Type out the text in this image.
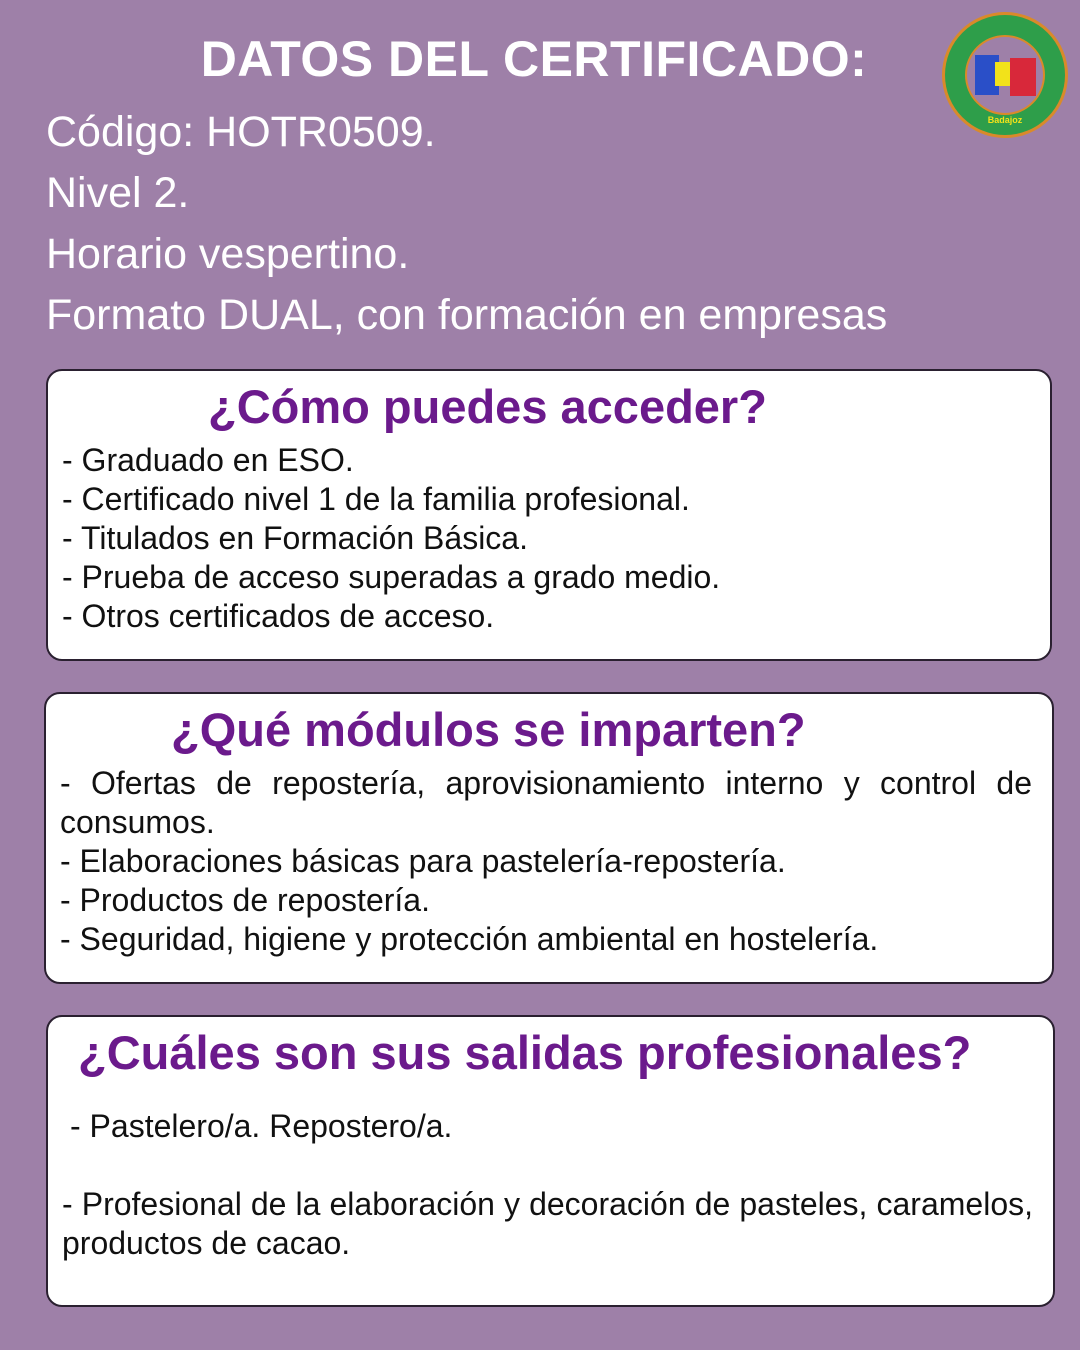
DATOS DEL CERTIFICADO:
Badajoz
Código: HOTR0509.
Nivel 2.
Horario vespertino.
Formato DUAL, con formación en empresas
¿Cómo puedes acceder?
- Graduado en ESO.
- Certificado nivel 1 de la familia profesional.
- Titulados en Formación Básica.
- Prueba de acceso superadas a grado medio.
- Otros certificados de acceso.
¿Qué módulos se imparten?
- Ofertas de repostería, aprovisionamiento interno y control de consumos.
- Elaboraciones básicas para pastelería-repostería.
- Productos de repostería.
- Seguridad, higiene y protección ambiental en hostelería.
¿Cuáles son sus salidas profesionales?
- Pastelero/a. Repostero/a.
- Profesional de la elaboración y decoración de pasteles, caramelos, productos de cacao.
